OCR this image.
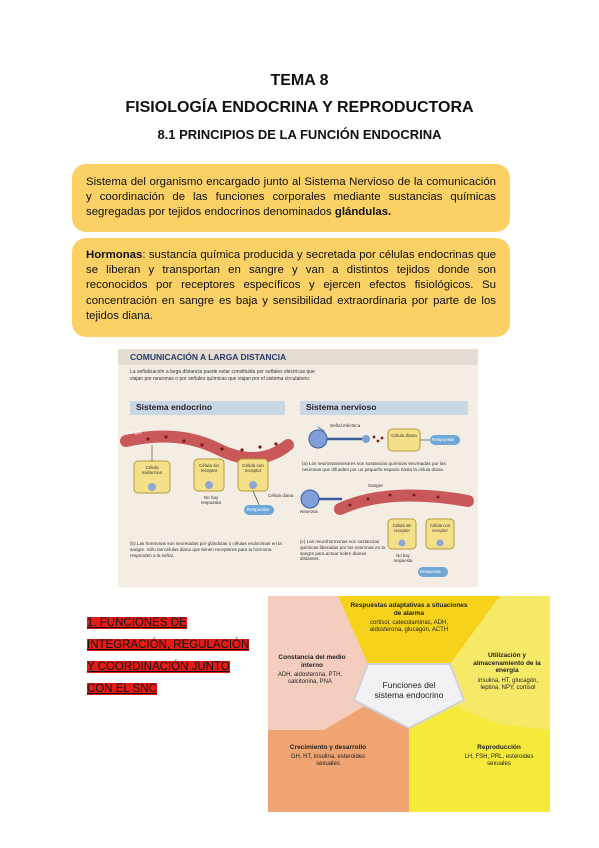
TEMA 8
FISIOLOGÍA ENDOCRINA Y REPRODUCTORA
8.1 PRINCIPIOS DE LA FUNCIÓN ENDOCRINA
Sistema del organismo encargado junto al Sistema Nervioso de la comunicación y coordinación de las funciones corporales mediante sustancias químicas segregadas por tejidos endocrinos denominados glándulas.
Hormonas: sustancia química producida y secretada por células endocrinas que se liberan y transportan en sangre y van a distintos tejidos donde son reconocidos por receptores específicos y ejercen efectos fisiológicos. Su concentración en sangre es baja y sensibilidad extraordinaria por parte de los tejidos diana.
COMUNICACIÓN A LARGA DISTANCIA

La señalización a larga distancia puede estar constituida por señales eléctricas que viajan por neuronas o por señales químicas que viajan por el sistema circulatorio.

Sistema endocrino	Sistema nervioso

Sangre

Célula endocrina

Célula sin receptor

Célula con receptor

No hay respuesta

Célula diana

Respuesta

Señal eléctrica

Célula diana

Respuesta

(a) Los neurotransmisores son sustancias químicas secretadas por las neuronas que difunden por un pequeño espacio hasta la célula diana.

Sangre

Neurona

Célula sin receptor

Célula con receptor

No hay respuesta

Respuesta

(b) Las hormonas son secretadas por glándulas o células endocrinas en la sangre. Sólo las células diana que tienen receptores para la hormona responden a la señal.

(c) Las neurohormonas son sustancias químicas liberadas por las neuronas en la sangre para actuar sobre dianas distantes.

1. FUNCIONES DE
INTEGRACIÓN, REGULACIÓN
Y COORDINACIÓN JUNTO
CON EL SNC	Funciones del sistema endocrino

Respuestas adaptativas a situaciones de alarma

cortisol, catecolaminas, ADH, aldosterona, glucagón, ACTH

Constancia del medio interno

ADH, aldosterona, PTH, calcitonina, PNA

Utilización y almacenamiento de la energía

insulina, HT, glucagón, leptina, NPY, cortisol

Crecimiento y desarrollo

GH, HT, insulina, esteroides sexuales

Reproducción

LH, FSH, PRL, esteroides sexuales
